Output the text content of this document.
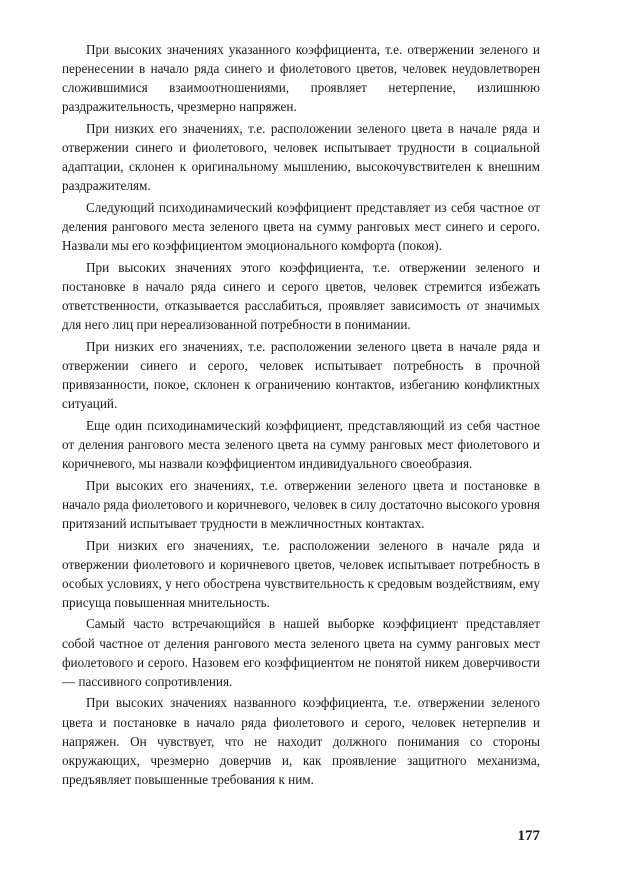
При высоких значениях указанного коэффициента, т.е. отвержении зеленого и перенесении в начало ряда синего и фиолетового цветов, человек неудовлетворен сложившимися взаимоотношениями, проявляет нетерпение, излишнюю раздражительность, чрезмерно напряжен.

При низких его значениях, т.е. расположении зеленого цвета в начале ряда и отвержении синего и фиолетового, человек испытывает трудности в социальной адаптации, склонен к оригинальному мышлению, высокочувствителен к внешним раздражителям.

Следующий психодинамический коэффициент представляет из себя частное от деления рангового места зеленого цвета на сумму ранговых мест синего и серого. Назвали мы его коэффициентом эмоционального комфорта (покоя).

При высоких значениях этого коэффициента, т.е. отвержении зеленого и постановке в начало ряда синего и серого цветов, человек стремится избежать ответственности, отказывается расслабиться, проявляет зависимость от значимых для него лиц при нереализованной потребности в понимании.

При низких его значениях, т.е. расположении зеленого цвета в начале ряда и отвержении синего и серого, человек испытывает потребность в прочной привязанности, покое, склонен к ограничению контактов, избеганию конфликтных ситуаций.

Еще один психодинамический коэффициент, представляющий из себя частное от деления рангового места зеленого цвета на сумму ранговых мест фиолетового и коричневого, мы назвали коэффициентом индивидуального своеобразия.

При высоких его значениях, т.е. отвержении зеленого цвета и постановке в начало ряда фиолетового и коричневого, человек в силу достаточно высокого уровня притязаний испытывает трудности в межличностных контактах.

При низких его значениях, т.е. расположении зеленого в начале ряда и отвержении фиолетового и коричневого цветов, человек испытывает потребность в особых условиях, у него обострена чувствительность к средовым воздействиям, ему присуща повышенная мнительность.

Самый часто встречающийся в нашей выборке коэффициент представляет собой частное от деления рангового места зеленого цвета на сумму ранговых мест фиолетового и серого. Назовем его коэффициентом не понятой никем доверчивости — пассивного сопротивления.

При высоких значениях названного коэффициента, т.е. отвержении зеленого цвета и постановке в начало ряда фиолетового и серого, человек нетерпелив и напряжен. Он чувствует, что не находит должного понимания со стороны окружающих, чрезмерно доверчив и, как проявление защитного механизма, предъявляет повышенные требования к ним.

177
